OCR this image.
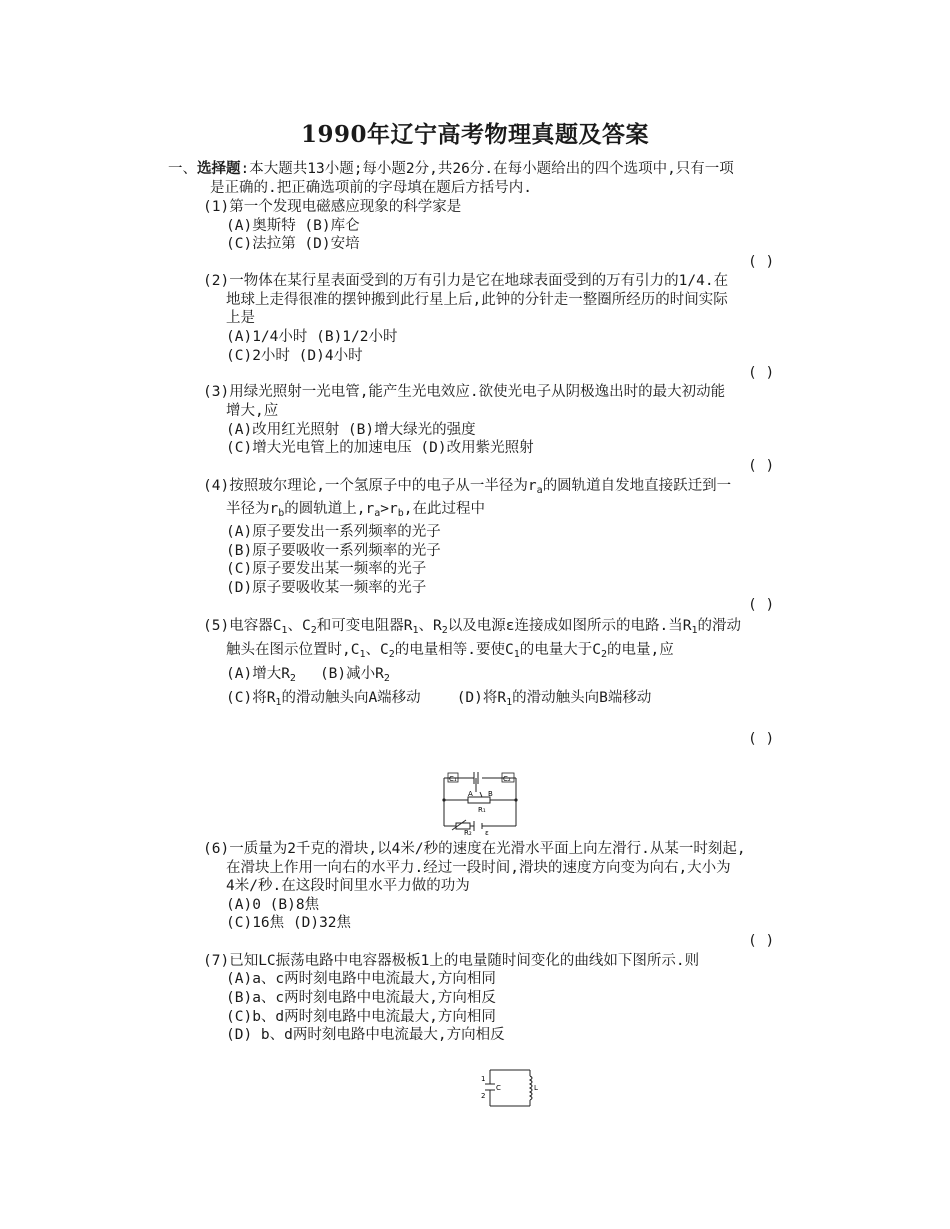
1990年辽宁高考物理真题及答案
一、选择题:本大题共13小题;每小题2分,共26分.在每小题给出的四个选项中,只有一项
是正确的.把正确选项前的字母填在题后方括号内.
(1)第一个发现电磁感应现象的科学家是
(A)奥斯特 (B)库仑
(C)法拉第 (D)安培
( )
(2)一物体在某行星表面受到的万有引力是它在地球表面受到的万有引力的1/4.在
地球上走得很准的摆钟搬到此行星上后,此钟的分针走一整圈所经历的时间实际
上是
(A)1/4小时 (B)1/2小时
(C)2小时 (D)4小时
( )
(3)用绿光照射一光电管,能产生光电效应.欲使光电子从阴极逸出时的最大初动能
增大,应
(A)改用红光照射 (B)增大绿光的强度
(C)增大光电管上的加速电压 (D)改用紫光照射
( )
(4)按照玻尔理论,一个氢原子中的电子从一半径为$r_a$的圆轨道自发地直接跃迁到一
半径为$r_b$的圆轨道上$,r_a>r_b$,在此过程中
(A)原子要发出一系列频率的光子
(B)原子要吸收一系列频率的光子
(C)原子要发出某一频率的光子
(D)原子要吸收某一频率的光子
( )
(5)电容器$C_1$、$C_2$和可变电阻器$R_1$、$R_2$以及电源ε连接成如图所示的电路.当$R_1$的滑动
触头在图示位置时$,C_1$、$C_2$的电量相等.要使$C_1$的电量大于$C_2$的电量,应
(A)增大$R_2$ (B)减小$R_2$
(C)将$R_1$的滑动触头向A端移动 (D)将$R_1$的滑动触头向B端移动
( )
C₁	C₂
A B
R₁
R₂ ε
(6)一质量为2千克的滑块,以4米/秒的速度在光滑水平面上向左滑行.从某一时刻起,
在滑块上作用一向右的水平力.经过一段时间,滑块的速度方向变为向右,大小为
4米/秒.在这段时间里水平力做的功为
(A)0 (B)8焦
(C)16焦 (D)32焦
( )
(7)已知LC振荡电路中电容器极板1上的电量随时间变化的曲线如下图所示.则
(A)a、c两时刻电路中电流最大,方向相同
(B)a、c两时刻电路中电流最大,方向相反
(C)b、d两时刻电路中电流最大,方向相同
(D) b、d两时刻电路中电流最大,方向相反
1
2
C	L
